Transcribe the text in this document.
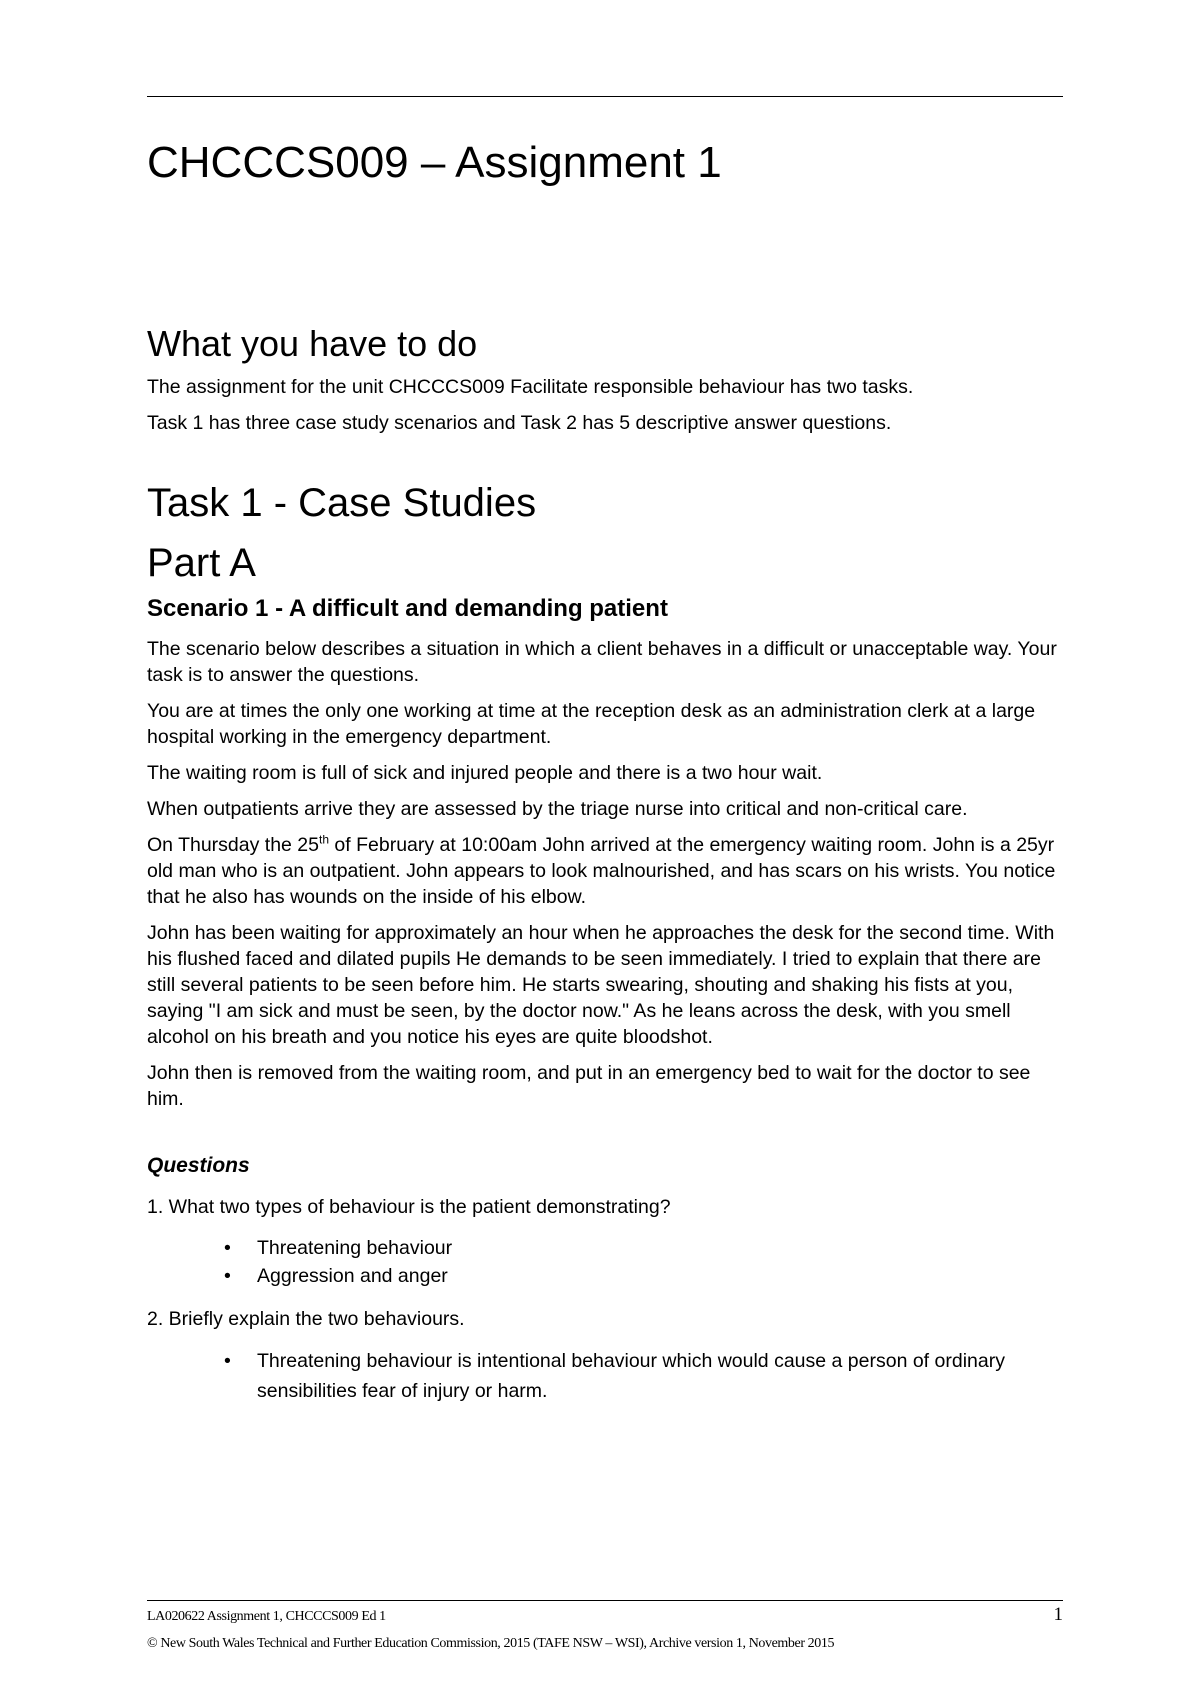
CHCCCS009 – Assignment 1
What you have to do

The assignment for the unit CHCCCS009 Facilitate responsible behaviour has two tasks.

Task 1 has three case study scenarios and Task 2 has 5 descriptive answer questions.

Task 1 - Case Studies
Part A
Scenario 1 - A difficult and demanding patient

The scenario below describes a situation in which a client behaves in a difficult or unacceptable way. Your task is to answer the questions.

You are at times the only one working at time at the reception desk as an administration clerk at a large hospital working in the emergency department.

The waiting room is full of sick and injured people and there is a two hour wait.

When outpatients arrive they are assessed by the triage nurse into critical and non-critical care.

On Thursday the 25th of February at 10:00am John arrived at the emergency waiting room. John is a 25yr old man who is an outpatient. John appears to look malnourished, and has scars on his wrists. You notice that he also has wounds on the inside of his elbow.

John has been waiting for approximately an hour when he approaches the desk for the second time. With his flushed faced and dilated pupils He demands to be seen immediately. I tried to explain that there are still several patients to be seen before him. He starts swearing, shouting and shaking his fists at you, saying "I am sick and must be seen, by the doctor now." As he leans across the desk, with you smell alcohol on his breath and you notice his eyes are quite bloodshot.

John then is removed from the waiting room, and put in an emergency bed to wait for the doctor to see him.

Questions

1. What two types of behaviour is the patient demonstrating?

• Threatening behaviour
• Aggression and anger

2. Briefly explain the two behaviours.

• Threatening behaviour is intentional behaviour which would cause a person of ordinary sensibilities fear of injury or harm.
LA020622 Assignment 1, CHCCCS009 Ed 1	1
© New South Wales Technical and Further Education Commission, 2015 (TAFE NSW – WSI), Archive version 1, November 2015
